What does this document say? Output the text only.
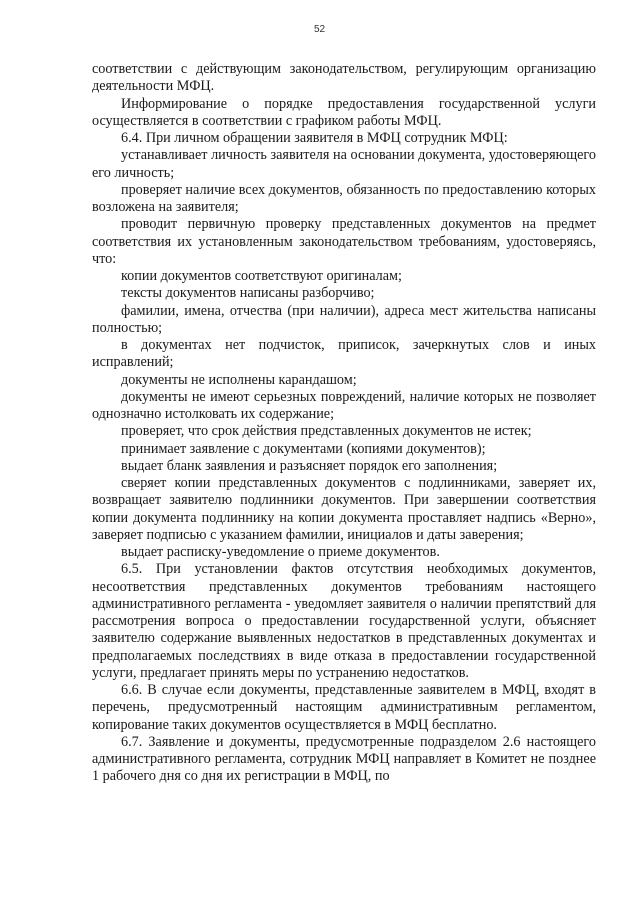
52

соответствии с действующим законодательством, регулирующим организацию деятельности МФЦ.

Информирование о порядке предоставления государственной услуги осуществляется в соответствии с графиком работы МФЦ.

6.4. При личном обращении заявителя в МФЦ сотрудник МФЦ:

устанавливает личность заявителя на основании документа, удостоверяющего его личность;

проверяет наличие всех документов, обязанность по предоставлению которых возложена на заявителя;

проводит первичную проверку представленных документов на предмет соответствия их установленным законодательством требованиям, удостоверяясь, что:

копии документов соответствуют оригиналам;

тексты документов написаны разборчиво;

фамилии, имена, отчества (при наличии), адреса мест жительства написаны полностью;

в документах нет подчисток, приписок, зачеркнутых слов и иных исправлений;

документы не исполнены карандашом;

документы не имеют серьезных повреждений, наличие которых не позволяет однозначно истолковать их содержание;

проверяет, что срок действия представленных документов не истек;

принимает заявление с документами (копиями документов);

выдает бланк заявления и разъясняет порядок его заполнения;

сверяет копии представленных документов с подлинниками, заверяет их, возвращает заявителю подлинники документов. При завершении соответствия копии документа подлиннику на копии документа проставляет надпись «Верно», заверяет подписью с указанием фамилии, инициалов и даты заверения;

выдает расписку-уведомление о приеме документов.

6.5. При установлении фактов отсутствия необходимых документов, несоответствия представленных документов требованиям настоящего административного регламента - уведомляет заявителя о наличии препятствий для рассмотрения вопроса о предоставлении государственной услуги, объясняет заявителю содержание выявленных недостатков в представленных документах и предполагаемых последствиях в виде отказа в предоставлении государственной услуги, предлагает принять меры по устранению недостатков.

6.6. В случае если документы, представленные заявителем в МФЦ, входят в перечень, предусмотренный настоящим административным регламентом, копирование таких документов осуществляется в МФЦ бесплатно.

6.7. Заявление и документы, предусмотренные подразделом 2.6 настоящего административного регламента, сотрудник МФЦ направляет в Комитет не позднее 1 рабочего дня со дня их регистрации в МФЦ, по
